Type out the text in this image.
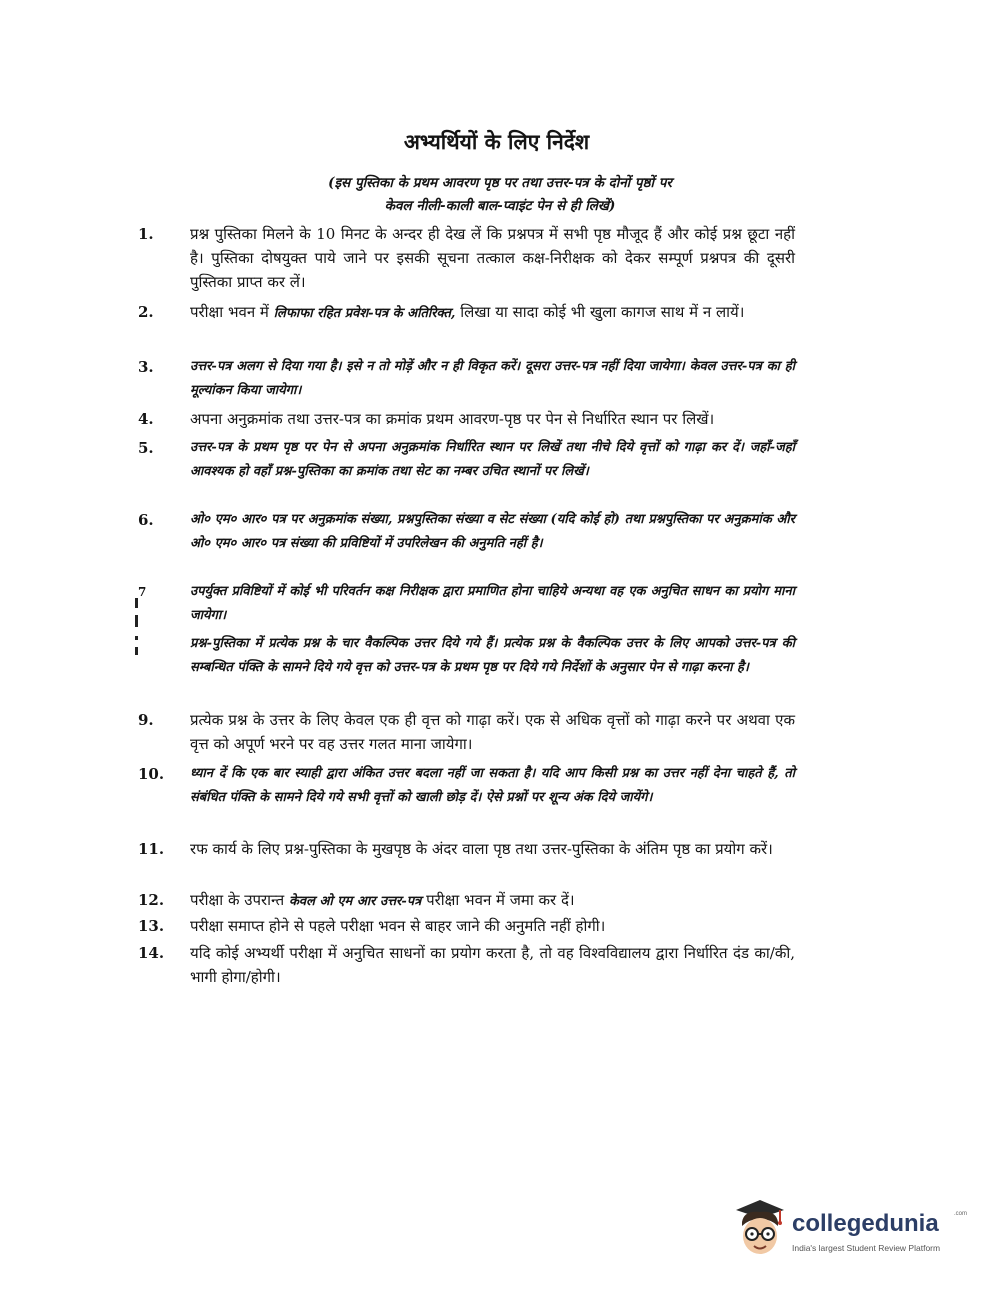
अभ्यर्थियों के लिए निर्देश
(इस पुस्तिका के प्रथम आवरण पृष्ठ पर तथा उत्तर-पत्र के दोनों पृष्ठों पर
केवल नीली-काली बाल-प्वाइंट पेन से ही लिखें)
1.	प्रश्न पुस्तिका मिलने के 10 मिनट के अन्दर ही देख लें कि प्रश्नपत्र में सभी पृष्ठ मौजूद हैं और कोई प्रश्न छूटा नहीं है। पुस्तिका दोषयुक्त पाये जाने पर इसकी सूचना तत्काल कक्ष-निरीक्षक को देकर सम्पूर्ण प्रश्नपत्र की दूसरी पुस्तिका प्राप्त कर लें।
2.	परीक्षा भवन में लिफाफा रहित प्रवेश-पत्र के अतिरिक्त, लिखा या सादा कोई भी खुला कागज साथ में न लायें।
3.	उत्तर-पत्र अलग से दिया गया है। इसे न तो मोड़ें और न ही विकृत करें। दूसरा उत्तर-पत्र नहीं दिया जायेगा। केवल उत्तर-पत्र का ही मूल्यांकन किया जायेगा।
4.	अपना अनुक्रमांक तथा उत्तर-पत्र का क्रमांक प्रथम आवरण-पृष्ठ पर पेन से निर्धारित स्थान पर लिखें।
5.	उत्तर-पत्र के प्रथम पृष्ठ पर पेन से अपना अनुक्रमांक निर्धारित स्थान पर लिखें तथा नीचे दिये वृत्तों को गाढ़ा कर दें। जहाँ-जहाँ आवश्यक हो वहाँ प्रश्न-पुस्तिका का क्रमांक तथा सेट का नम्बर उचित स्थानों पर लिखें।
6.	ओ० एम० आर० पत्र पर अनुक्रमांक संख्या, प्रश्नपुस्तिका संख्या व सेट संख्या (यदि कोई हो) तथा प्रश्नपुस्तिका पर अनुक्रमांक और ओ० एम० आर० पत्र संख्या की प्रविष्टियों में उपरिलेखन की अनुमति नहीं है।
7	उपर्युक्त प्रविष्टियों में कोई भी परिवर्तन कक्ष निरीक्षक द्वारा प्रमाणित होना चाहिये अन्यथा वह एक अनुचित साधन का प्रयोग माना जायेगा।
प्रश्न-पुस्तिका में प्रत्येक प्रश्न के चार वैकल्पिक उत्तर दिये गये हैं। प्रत्येक प्रश्न के वैकल्पिक उत्तर के लिए आपको उत्तर-पत्र की सम्बन्धित पंक्ति के सामने दिये गये वृत्त को उत्तर-पत्र के प्रथम पृष्ठ पर दिये गये निर्देशों के अनुसार पेन से गाढ़ा करना है।
9.	प्रत्येक प्रश्न के उत्तर के लिए केवल एक ही वृत्त को गाढ़ा करें। एक से अधिक वृत्तों को गाढ़ा करने पर अथवा एक वृत्त को अपूर्ण भरने पर वह उत्तर गलत माना जायेगा।
10.	ध्यान दें कि एक बार स्याही द्वारा अंकित उत्तर बदला नहीं जा सकता है। यदि आप किसी प्रश्न का उत्तर नहीं देना चाहते हैं, तो संबंधित पंक्ति के सामने दिये गये सभी वृत्तों को खाली छोड़ दें। ऐसे प्रश्नों पर शून्य अंक दिये जायेंगे।
11.	रफ कार्य के लिए प्रश्न-पुस्तिका के मुखपृष्ठ के अंदर वाला पृष्ठ तथा उत्तर-पुस्तिका के अंतिम पृष्ठ का प्रयोग करें।
12.	परीक्षा के उपरान्त केवल ओ एम आर उत्तर-पत्र परीक्षा भवन में जमा कर दें।
13.	परीक्षा समाप्त होने से पहले परीक्षा भवन से बाहर जाने की अनुमति नहीं होगी।
14.	यदि कोई अभ्यर्थी परीक्षा में अनुचित साधनों का प्रयोग करता है, तो वह विश्वविद्यालय द्वारा निर्धारित दंड का/की, भागी होगा/होगी।
collegedunia	.com
India's largest Student Review Platform
